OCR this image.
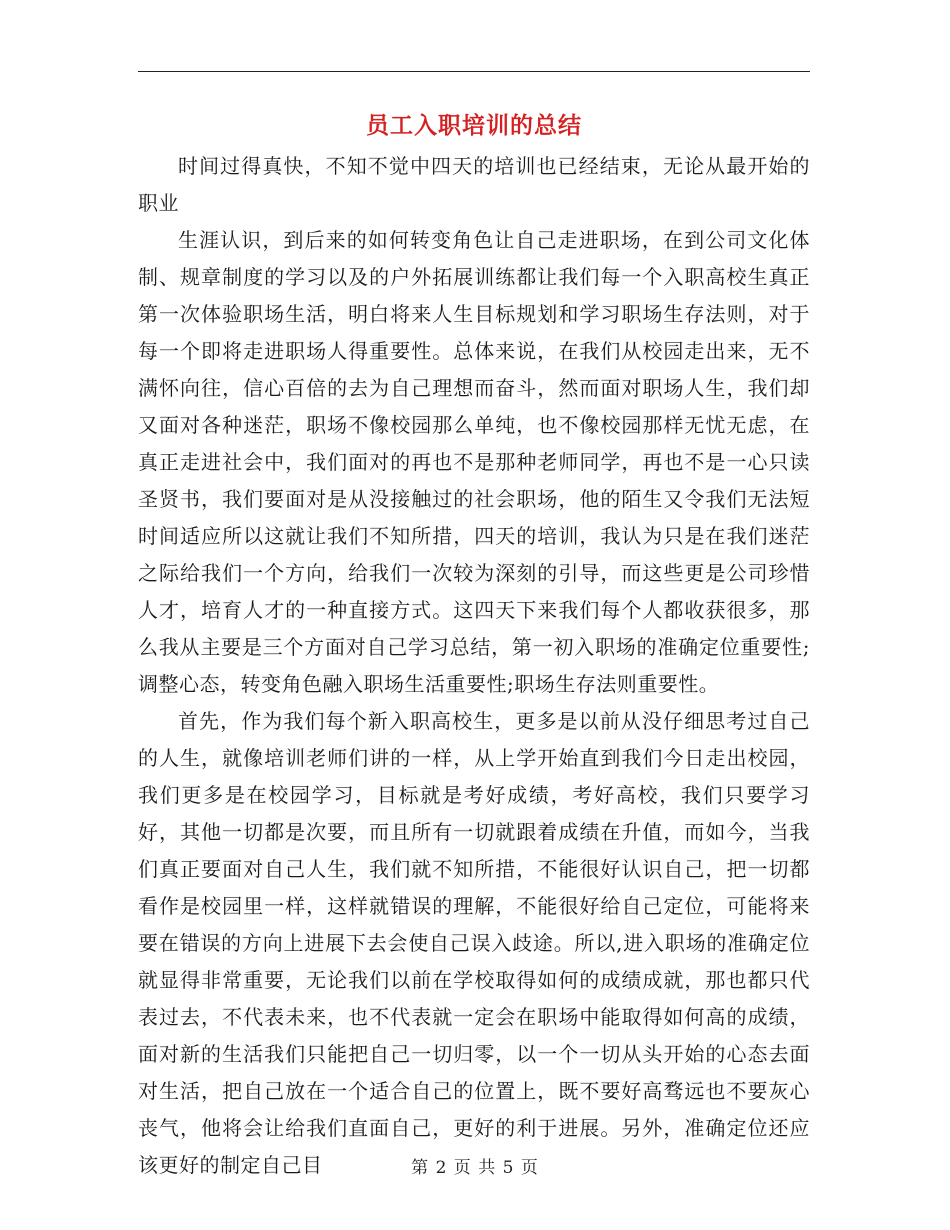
员工入职培训的总结

时间过得真快，不知不觉中四天的培训也已经结束，无论从最开始的职业

生涯认识，到后来的如何转变角色让自己走进职场，在到公司文化体制、规章制度的学习以及的户外拓展训练都让我们每一个入职高校生真正第一次体验职场生活，明白将来人生目标规划和学习职场生存法则，对于每一个即将走进职场人得重要性。总体来说，在我们从校园走出来，无不满怀向往，信心百倍的去为自己理想而奋斗，然而面对职场人生，我们却又面对各种迷茫，职场不像校园那么单纯，也不像校园那样无忧无虑，在真正走进社会中，我们面对的再也不是那种老师同学，再也不是一心只读圣贤书，我们要面对是从没接触过的社会职场，他的陌生又令我们无法短时间适应所以这就让我们不知所措，四天的培训，我认为只是在我们迷茫之际给我们一个方向，给我们一次较为深刻的引导，而这些更是公司珍惜人才，培育人才的一种直接方式。这四天下来我们每个人都收获很多，那么我从主要是三个方面对自己学习总结，第一初入职场的准确定位重要性;调整心态，转变角色融入职场生活重要性;职场生存法则重要性。

首先，作为我们每个新入职高校生，更多是以前从没仔细思考过自己的人生，就像培训老师们讲的一样，从上学开始直到我们今日走出校园，我们更多是在校园学习，目标就是考好成绩，考好高校，我们只要学习好，其他一切都是次要，而且所有一切就跟着成绩在升值，而如今，当我们真正要面对自己人生，我们就不知所措，不能很好认识自己，把一切都看作是校园里一样，这样就错误的理解，不能很好给自己定位，可能将来要在错误的方向上进展下去会使自己误入歧途。所以,进入职场的准确定位就显得非常重要，无论我们以前在学校取得如何的成绩成就，那也都只代表过去，不代表未来，也不代表就一定会在职场中能取得如何高的成绩，面对新的生活我们只能把自己一切归零，以一个一切从头开始的心态去面对生活，把自己放在一个适合自己的位置上，既不要好高骛远也不要灰心丧气，他将会让给我们直面自己，更好的利于进展。另外，准确定位还应该更好的制定自己目	第 2 页 共 5 页
